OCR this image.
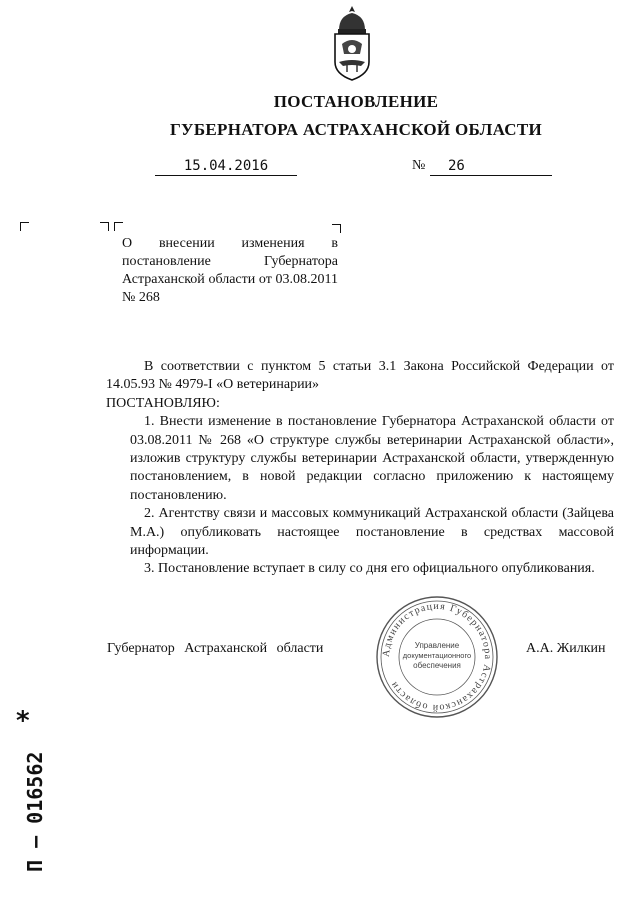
ПОСТАНОВЛЕНИЕ
ГУБЕРНАТОРА АСТРАХАНСКОЙ ОБЛАСТИ
15.04.2016	№	26
О внесении изменения в постановление Губернатора Астраханской области от 03.08.2011 № 268

В соответствии с пунктом 5 статьи 3.1 Закона Российской Федерации от 14.05.93 № 4979-I «О ветеринарии»

ПОСТАНОВЛЯЮ:

1. Внести изменение в постановление Губернатора Астраханской области от 03.08.2011 № 268 «О структуре службы ветеринарии Астраханской области», изложив структуру службы ветеринарии Астраханской области, утвержденную постановлением, в новой редакции согласно приложению к настоящему постановлению.

2. Агентству связи и массовых коммуникаций Астраханской области (Зайцева М.А.) опубликовать настоящее постановление в средствах массовой информации.

3. Постановление вступает в силу со дня его официального опубликования.

Губернатор Астраханской области	А.А. Жилкин
Администрация Губернатора Астраханской области
Управление
документационного
обеспечения
*
П – 016562
